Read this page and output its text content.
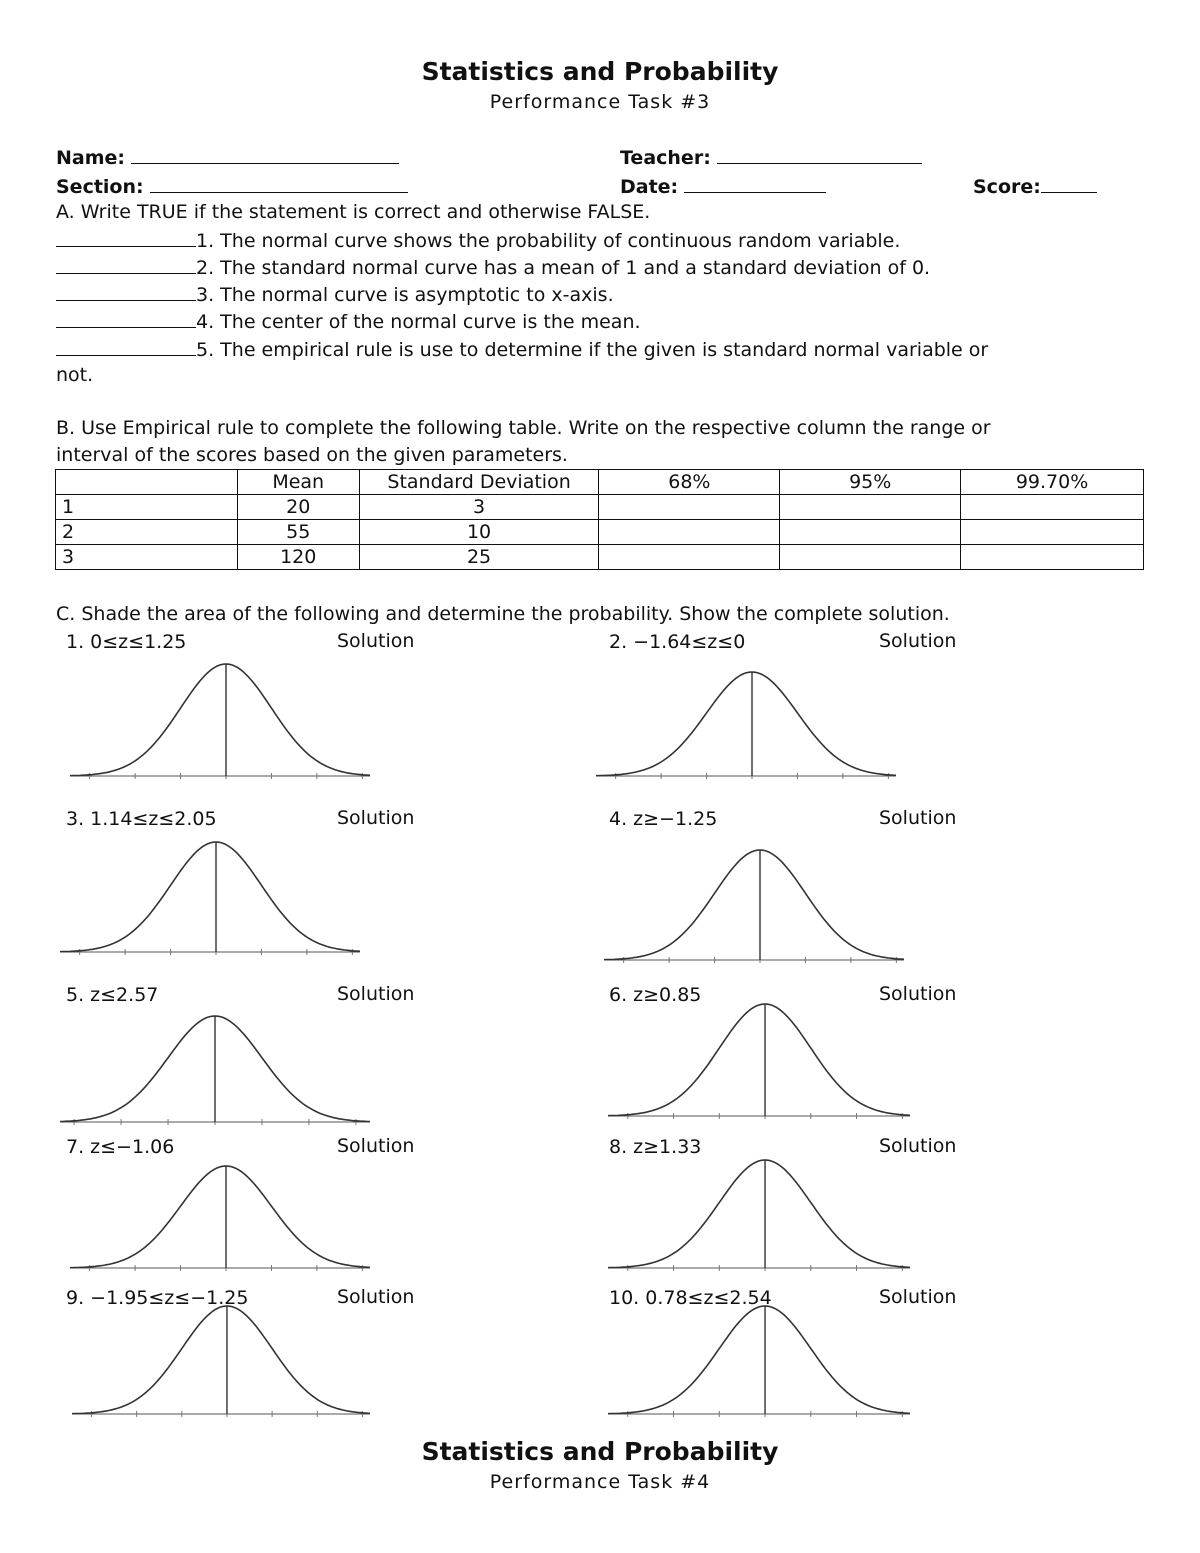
Statistics and Probability
Performance Task #3
Name:	Teacher:
Section:	Date:	Score:
A. Write TRUE if the statement is correct and otherwise FALSE.
1. The normal curve shows the probability of continuous random variable.
2. The standard normal curve has a mean of 1 and a standard deviation of 0.
3. The normal curve is asymptotic to x-axis.
4. The center of the normal curve is the mean.
5. The empirical rule is use to determine if the given is standard normal variable or
not.
B. Use Empirical rule to complete the following table. Write on the respective column the range or
interval of the scores based on the given parameters.
	Mean	Standard Deviation	68%	95%	99.70%
1	20	3			
2	55	10			
3	120	25			
C. Shade the area of the following and determine the probability. Show the complete solution.
1. 0≤z≤1.25	Solution	2. −1.64≤z≤0	Solution
3. 1.14≤z≤2.05	Solution	4. z≥−1.25	Solution
5. z≤2.57	Solution	6. z≥0.85	Solution
7. z≤−1.06	Solution	8. z≥1.33	Solution
9. −1.95≤z≤−1.25	Solution	10. 0.78≤z≤2.54	Solution
Statistics and Probability
Performance Task #4
